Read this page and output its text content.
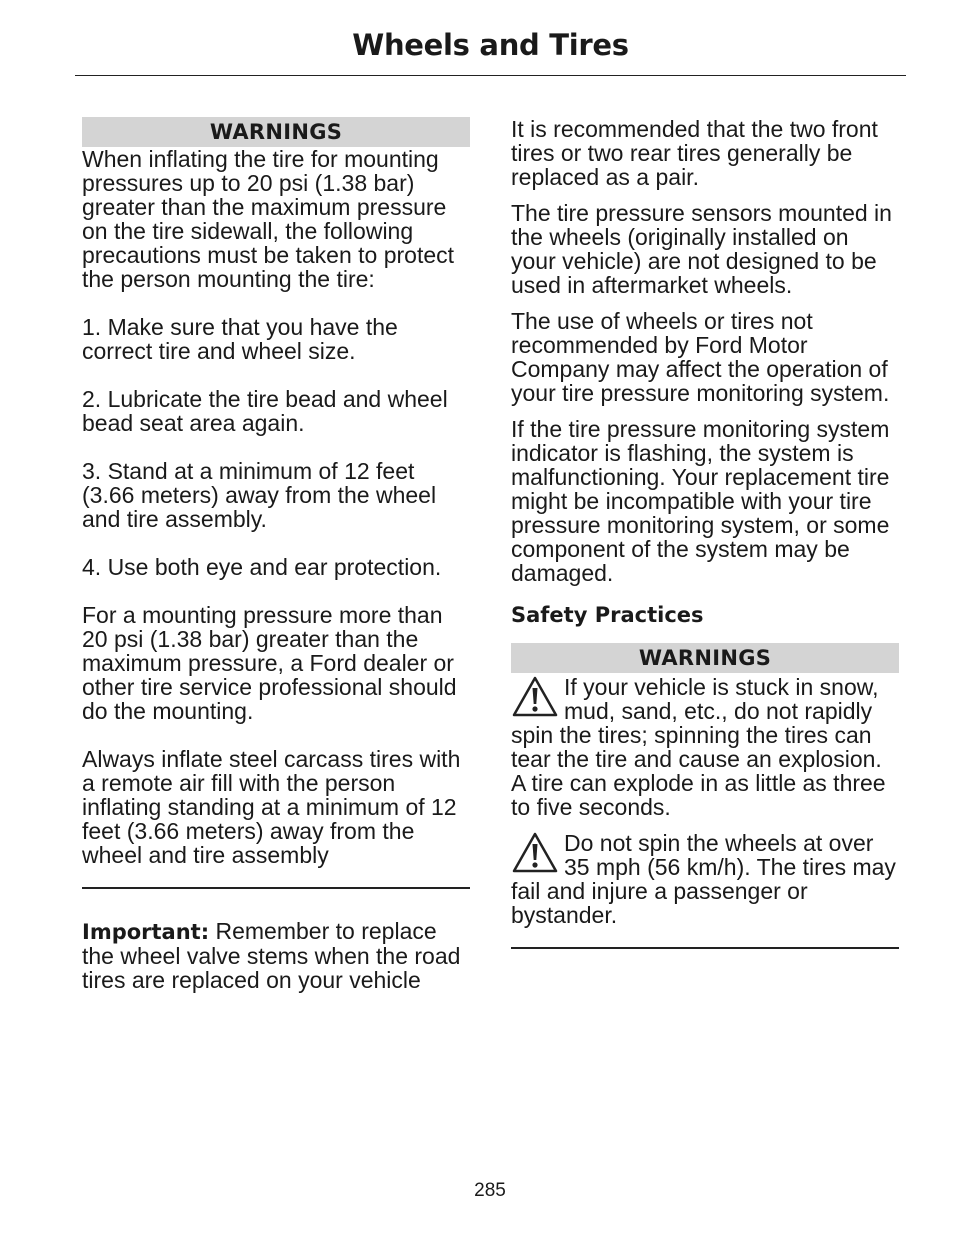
Wheels and Tires
WARNINGS

When inflating the tire for mounting pressures up to 20 psi (1.38 bar) greater than the maximum pressure on the tire sidewall, the following precautions must be taken to protect the person mounting the tire:

1. Make sure that you have the correct tire and wheel size.

2. Lubricate the tire bead and wheel bead seat area again.

3. Stand at a minimum of 12 feet (3.66 meters) away from the wheel and tire assembly.

4. Use both eye and ear protection.

For a mounting pressure more than 20 psi (1.38 bar) greater than the maximum pressure, a Ford dealer or other tire service professional should do the mounting.

Always inflate steel carcass tires with a remote air fill with the person inflating standing at a minimum of 12 feet (3.66 meters) away from the wheel and tire assembly

Important: Remember to replace the wheel valve stems when the road tires are replaced on your vehicle

It is recommended that the two front tires or two rear tires generally be replaced as a pair.

The tire pressure sensors mounted in the wheels (originally installed on your vehicle) are not designed to be used in aftermarket wheels.

The use of wheels or tires not recommended by Ford Motor Company may affect the operation of your tire pressure monitoring system.

If the tire pressure monitoring system indicator is flashing, the system is malfunctioning. Your replacement tire might be incompatible with your tire pressure monitoring system, or some component of the system may be damaged.

Safety Practices
WARNINGS
If your vehicle is stuck in snow, mud, sand, etc., do not rapidly spin the tires; spinning the tires can tear the tire and cause an explosion. A tire can explode in as little as three to five seconds.
Do not spin the wheels at over 35 mph (56 km/h). The tires may fail and injure a passenger or bystander.
285
